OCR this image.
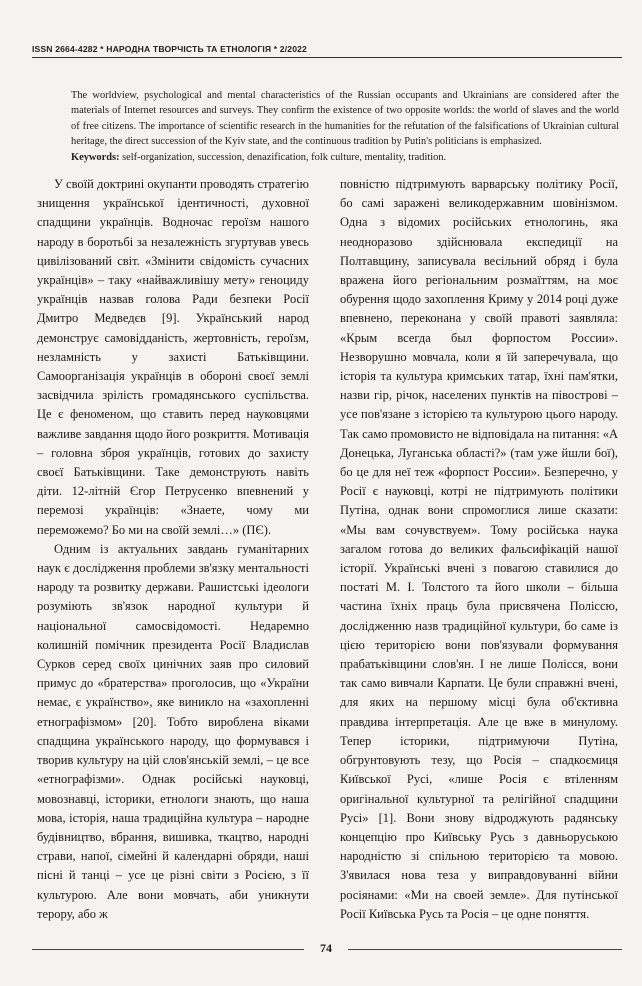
ISSN 2664-4282 * НАРОДНА ТВОРЧІСТЬ ТА ЕТНОЛОГІЯ * 2/2022

The worldview, psychological and mental characteristics of the Russian occupants and Ukrainians are considered after the materials of Internet resources and surveys. They confirm the existence of two opposite worlds: the world of slaves and the world of free citizens. The importance of scientific research in the humanities for the refutation of the falsifications of Ukrainian cultural heritage, the direct succession of the Kyiv state, and the continuous tradition by Putin's politicians is emphasized.

Keywords: self-organization, succession, denazification, folk culture, mentality, tradition.

У своїй доктрині окупанти проводять стратегію знищення української ідентичності, духовної спадщини українців. Водночас героїзм нашого народу в боротьбі за незалежність згуртував увесь цивілізований світ. «Змінити свідомість сучасних українців» – таку «найважливішу мету» геноциду українців назвав голова Ради безпеки Росії Дмитро Медведєв [9]. Український народ демонструє самовідданість, жертовність, героїзм, незламність у захисті Батьківщини. Самоорганізація українців в обороні своєї землі засвідчила зрілість громадянського суспільства. Це є феноменом, що ставить перед науковцями важливе завдання щодо його розкриття. Мотивація – головна зброя українців, готових до захисту своєї Батьківщини. Таке демонструють навіть діти. 12-літній Єгор Петрусенко впевнений у перемозі українців: «Знаете, чому ми переможемо? Бо ми на своїй землі…» (ПЄ).

Одним із актуальних завдань гуманітарних наук є дослідження проблеми зв'язку ментальності народу та розвитку держави. Рашистські ідеологи розуміють зв'язок народної культури й національної самосвідомості. Недаремно колишній помічник президента Росії Владислав Сурков серед своїх цинічних заяв про силовий примус до «братерства» проголосив, що «України немає, є українство», яке виникло на «захопленні етнографізмом» [20]. Тобто вироблена віками спадщина українського народу, що формувався і творив культуру на цій слов'янській землі, – це все «етнографізми». Однак російські науковці, мовознавці, історики, етнологи знають, що наша мова, історія, наша традиційна культура – народне будівництво, вбрання, вишивка, ткацтво, народні страви, напої, сімейні й календарні обряди, наші пісні й танці – усе це різні світи з Росією, з її культурою. Але вони мовчать, аби уникнути терору, або ж

повністю підтримують варварську політику Росії, бо самі заражені великодержавним шовінізмом. Одна з відомих російських етнологинь, яка неодноразово здійснювала експедиції на Полтавщину, записувала весільний обряд і була вражена його регіональним розмаїттям, на моє обурення щодо захоплення Криму у 2014 році дуже впевнено, переконана у своїй правоті заявляла: «Крым всегда был форпостом России». Незворушно мовчала, коли я їй заперечувала, що історія та культура кримських татар, їхні пам'ятки, назви гір, річок, населених пунктів на півострові – усе пов'язане з історією та культурою цього народу. Так само промовисто не відповідала на питання: «А Донецька, Луганська області?» (там уже йшли бої), бо це для неї теж «форпост России». Безперечно, у Росії є науковці, котрі не підтримують політики Путіна, однак вони спромоглися лише сказати: «Мы вам сочувствуем». Тому російська наука загалом готова до великих фальсифікацій нашої історії. Українські вчені з повагою ставилися до постаті М. І. Толстого та його школи – більша частина їхніх праць була присвячена Поліссю, дослідженню назв традиційної культури, бо саме із цією територією вони пов'язували формування прабатьківщини слов'ян. І не лише Полісся, вони так само вивчали Карпати. Це були справжні вчені, для яких на першому місці була об'єктивна правдива інтерпретація. Але це вже в минулому. Тепер історики, підтримуючи Путіна, обгрунтовують тезу, що Росія – спадкоємиця Київської Русі, «лише Росія є втіленням оригінальної культурної та релігійної спадщини Русі» [1]. Вони знову відроджують радянську концепцію про Київську Русь з давньоруською народністю зі спільною територією та мовою. З'явилася нова теза у виправдовуванні війни росіянами: «Ми на своей земле». Для путінської Росії Київська Русь та Росія – це одне поняття.

74
